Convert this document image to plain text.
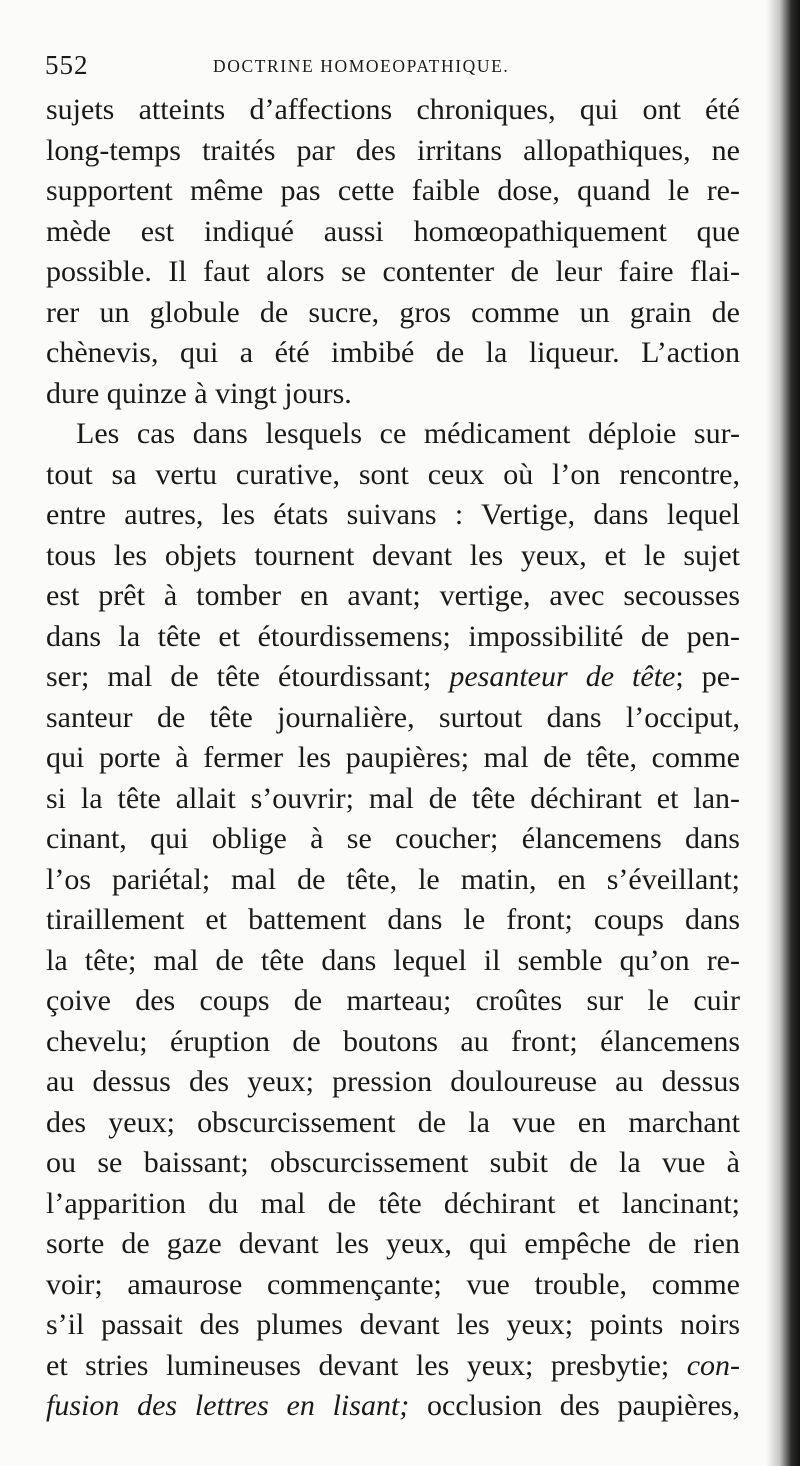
552	DOCTRINE HOMOEOPATHIQUE.
sujets atteints d’affections chroniques, qui ont été
long-temps traités par des irritans allopathiques, ne
supportent même pas cette faible dose, quand le re-
mède est indiqué aussi homœopathiquement que
possible. Il faut alors se contenter de leur faire flai-
rer un globule de sucre, gros comme un grain de
chènevis, qui a été imbibé de la liqueur. L’action
dure quinze à vingt jours.
Les cas dans lesquels ce médicament déploie sur-
tout sa vertu curative, sont ceux où l’on rencontre,
entre autres, les états suivans : Vertige, dans lequel
tous les objets tournent devant les yeux, et le sujet
est prêt à tomber en avant; vertige, avec secousses
dans la tête et étourdissemens; impossibilité de pen-
ser; mal de tête étourdissant; pesanteur de tête; pe-
santeur de tête journalière, surtout dans l’occiput,
qui porte à fermer les paupières; mal de tête, comme
si la tête allait s’ouvrir; mal de tête déchirant et lan-
cinant, qui oblige à se coucher; élancemens dans
l’os pariétal; mal de tête, le matin, en s’éveillant;
tiraillement et battement dans le front; coups dans
la tête; mal de tête dans lequel il semble qu’on re-
çoive des coups de marteau; croûtes sur le cuir
chevelu; éruption de boutons au front; élancemens
au dessus des yeux; pression douloureuse au dessus
des yeux; obscurcissement de la vue en marchant
ou se baissant; obscurcissement subit de la vue à
l’apparition du mal de tête déchirant et lancinant;
sorte de gaze devant les yeux, qui empêche de rien
voir; amaurose commençante; vue trouble, comme
s’il passait des plumes devant les yeux; points noirs
et stries lumineuses devant les yeux; presbytie; con-
fusion des lettres en lisant; occlusion des paupières,
